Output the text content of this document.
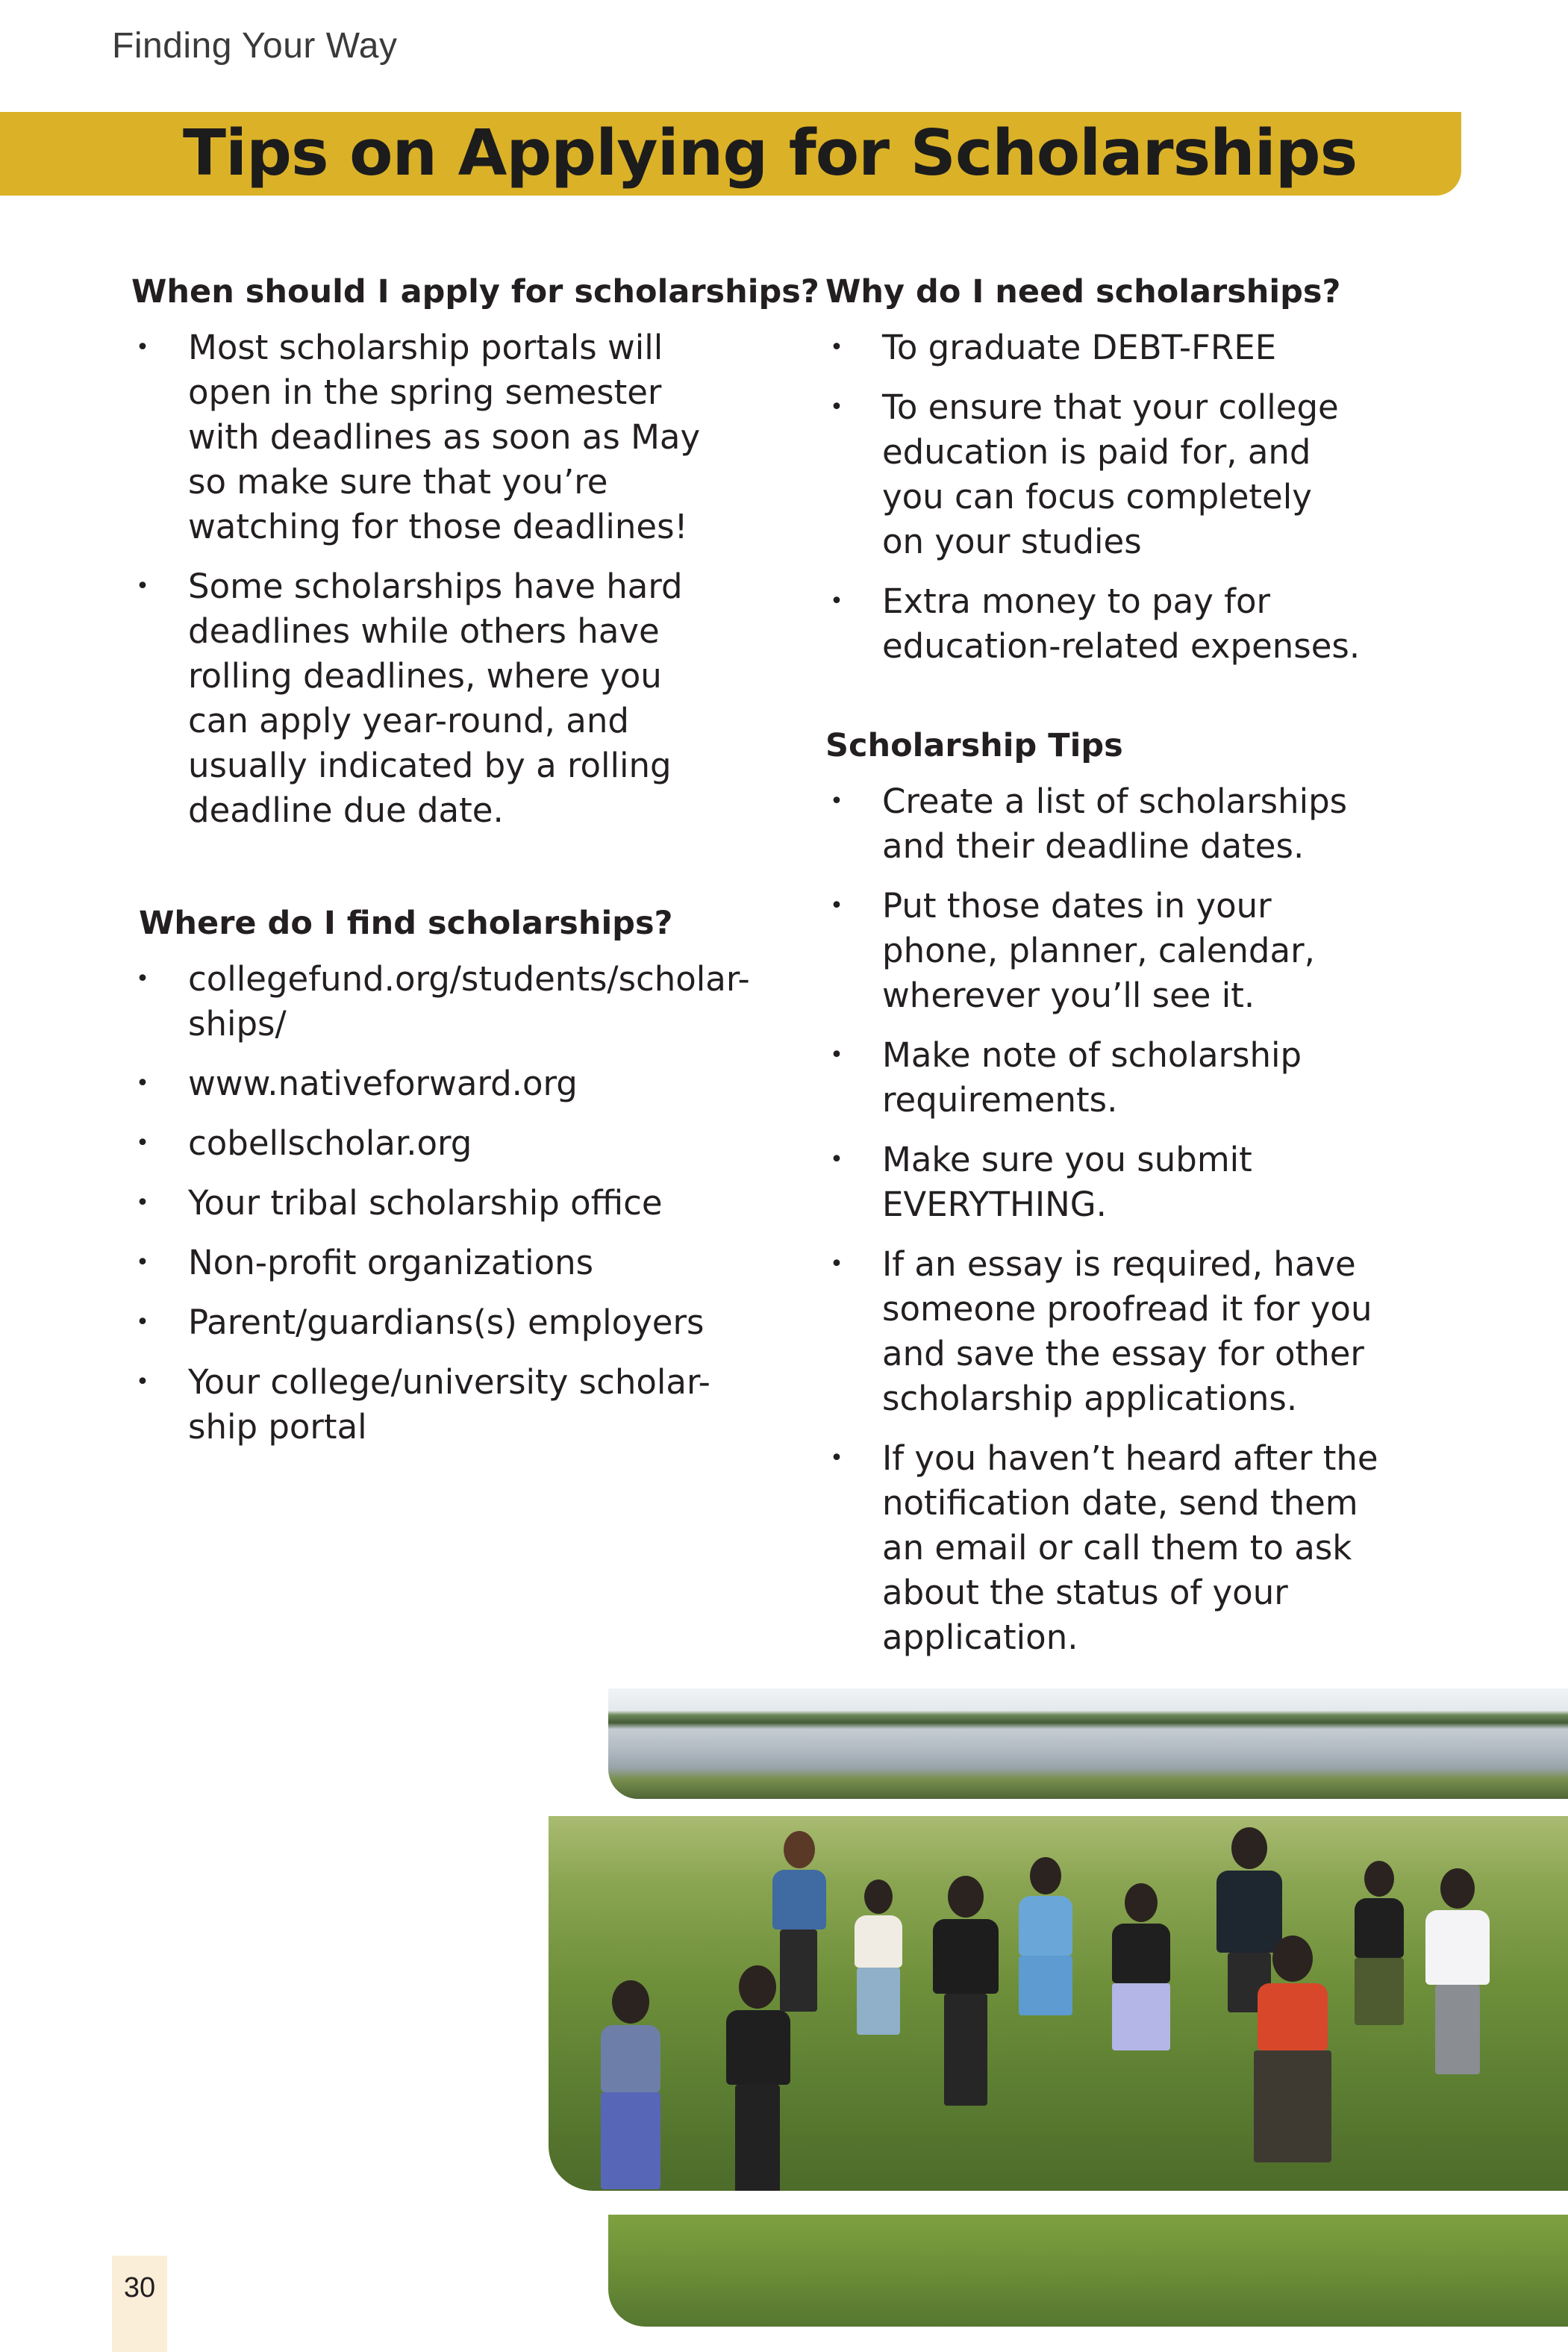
Finding Your Way
Tips on Applying for Scholarships
When should I apply for scholarships?
• Most scholarship portals will
open in the spring semester
with deadlines as soon as May
so make sure that you’re
watching for those deadlines!
• Some scholarships have hard
deadlines while others have
rolling deadlines, where you
can apply year-round, and
usually indicated by a rolling
deadline due date.
Where do I find scholarships?
• collegefund.org/students/scholar-
ships/
• www.nativeforward.org
• cobellscholar.org
• Your tribal scholarship office
• Non-profit organizations
• Parent/guardians(s) employers
• Your college/university scholar-
ship portal
Why do I need scholarships?
• To graduate DEBT-FREE
• To ensure that your college
education is paid for, and
you can focus completely
on your studies
• Extra money to pay for
education-related expenses.
Scholarship Tips
• Create a list of scholarships
and their deadline dates.
• Put those dates in your
phone, planner, calendar,
wherever you’ll see it.
• Make note of scholarship
requirements.
• Make sure you submit
EVERYTHING.
• If an essay is required, have
someone proofread it for you
and save the essay for other
scholarship applications.
• If you haven’t heard after the
notification date, send them
an email or call them to ask
about the status of your
application.
30
